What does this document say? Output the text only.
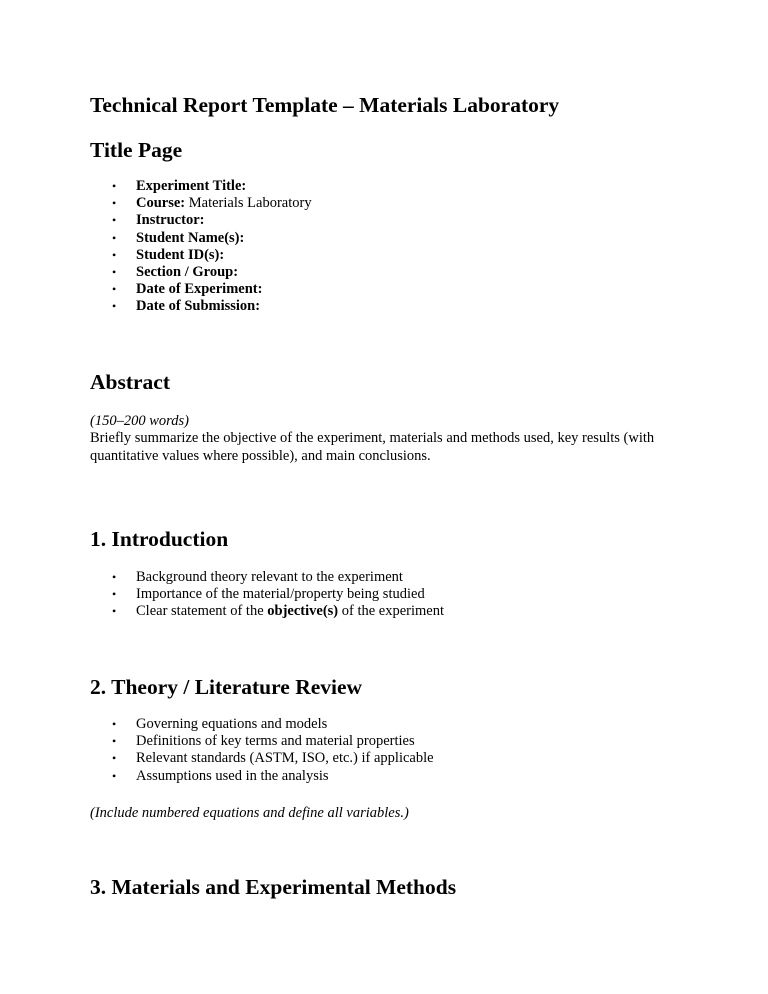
Technical Report Template – Materials Laboratory
Title Page
• Experiment Title:
• Course: Materials Laboratory
• Instructor:
• Student Name(s):
• Student ID(s):
• Section / Group:
• Date of Experiment:
• Date of Submission:
Abstract

(150–200 words)

Briefly summarize the objective of the experiment, materials and methods used, key results (with quantitative values where possible), and main conclusions.

1. Introduction
• Background theory relevant to the experiment
• Importance of the material/property being studied
• Clear statement of the objective(s) of the experiment
2. Theory / Literature Review
• Governing equations and models
• Definitions of key terms and material properties
• Relevant standards (ASTM, ISO, etc.) if applicable
• Assumptions used in the analysis

(Include numbered equations and define all variables.)

3. Materials and Experimental Methods
